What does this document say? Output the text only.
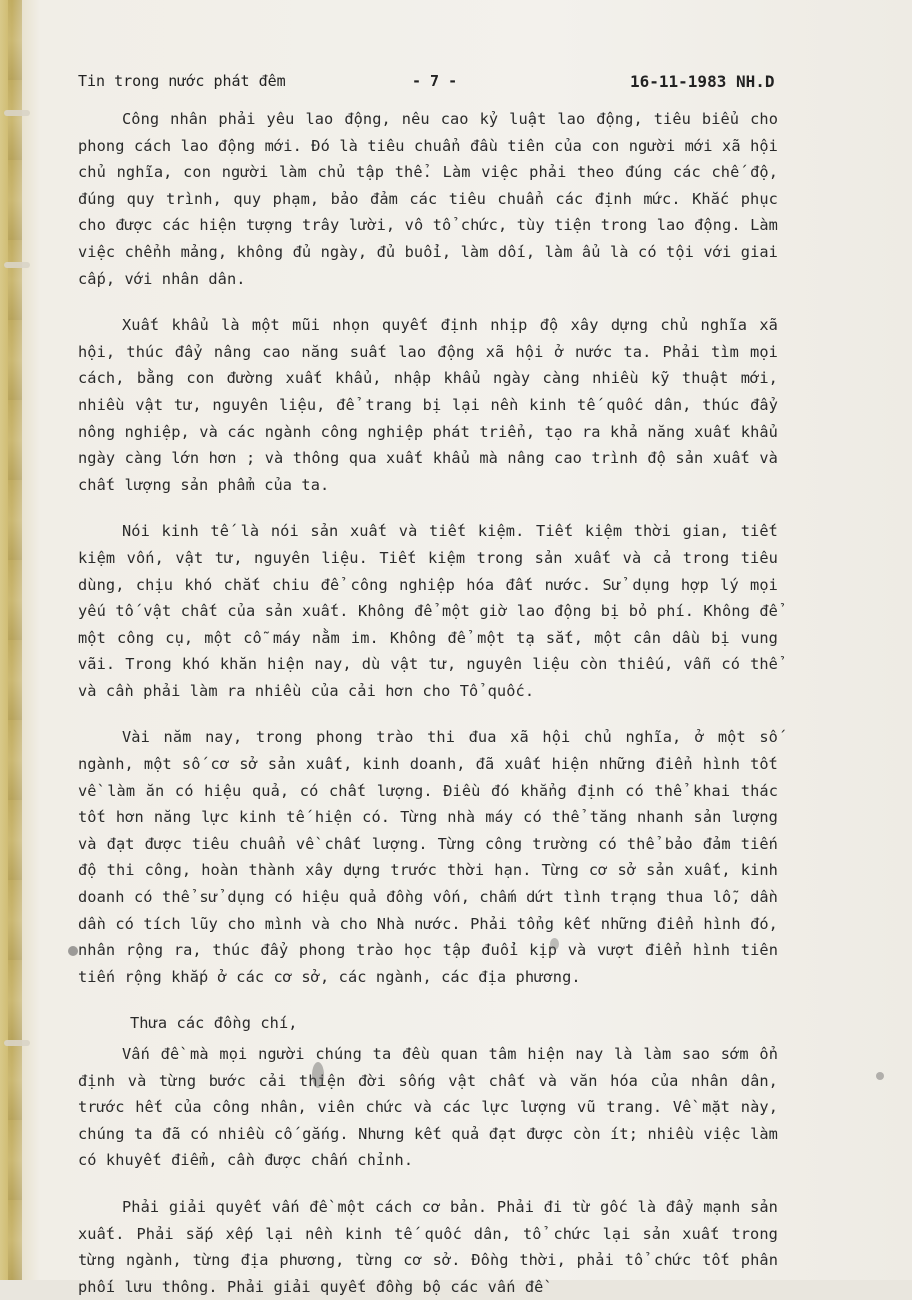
Tin trong nước phát đêm	- 7 -	16-11-1983 NH.D

Công nhân phải yêu lao động, nêu cao kỷ luật lao động, tiêu biểu cho phong cách lao động mới. Đó là tiêu chuẩn đầu tiên của con người mới xã hội chủ nghĩa, con người làm chủ tập thể. Làm việc phải theo đúng các chế độ, đúng quy trình, quy phạm, bảo đảm các tiêu chuẩn các định mức. Khắc phục cho được các hiện tượng trây lười, vô tổ chức, tùy tiện trong lao động. Làm việc chểnh mảng, không đủ ngày, đủ buổi, làm dối, làm ẩu là có tội với giai cấp, với nhân dân.

Xuất khẩu là một mũi nhọn quyết định nhịp độ xây dựng chủ nghĩa xã hội, thúc đẩy nâng cao năng suất lao động xã hội ở nước ta. Phải tìm mọi cách, bằng con đường xuất khẩu, nhập khẩu ngày càng nhiều kỹ thuật mới, nhiều vật tư, nguyên liệu, để trang bị lại nền kinh tế quốc dân, thúc đẩy nông nghiệp, và các ngành công nghiệp phát triển, tạo ra khả năng xuất khẩu ngày càng lớn hơn ; và thông qua xuất khẩu mà nâng cao trình độ sản xuất và chất lượng sản phẩm của ta.

Nói kinh tế là nói sản xuất và tiết kiệm. Tiết kiệm thời gian, tiết kiệm vốn, vật tư, nguyên liệu. Tiết kiệm trong sản xuất và cả trong tiêu dùng, chịu khó chắt chiu để công nghiệp hóa đất nước. Sử dụng hợp lý mọi yếu tố vật chất của sản xuất. Không để một giờ lao động bị bỏ phí. Không để một công cụ, một cỗ máy nằm im. Không để một tạ sắt, một cân dầu bị vung vãi. Trong khó khăn hiện nay, dù vật tư, nguyên liệu còn thiếu, vẫn có thể và cần phải làm ra nhiều của cải hơn cho Tổ quốc.

Vài năm nay, trong phong trào thi đua xã hội chủ nghĩa, ở một số ngành, một số cơ sở sản xuất, kinh doanh, đã xuất hiện những điển hình tốt về làm ăn có hiệu quả, có chất lượng. Điều đó khẳng định có thể khai thác tốt hơn năng lực kinh tế hiện có. Từng nhà máy có thể tăng nhanh sản lượng và đạt được tiêu chuẩn về chất lượng. Từng công trường có thể bảo đảm tiến độ thi công, hoàn thành xây dựng trước thời hạn. Từng cơ sở sản xuất, kinh doanh có thể sử dụng có hiệu quả đồng vốn, chấm dứt tình trạng thua lỗ, dần dần có tích lũy cho mình và cho Nhà nước. Phải tổng kết những điển hình đó, nhân rộng ra, thúc đẩy phong trào học tập đuổi kịp và vượt điển hình tiên tiến rộng khắp ở các cơ sở, các ngành, các địa phương.

Thưa các đồng chí,

Vấn đề mà mọi người chúng ta đều quan tâm hiện nay là làm sao sớm ổn định và từng bước cải thiện đời sống vật chất và văn hóa của nhân dân, trước hết của công nhân, viên chức và các lực lượng vũ trang. Về mặt này, chúng ta đã có nhiều cố gắng. Nhưng kết quả đạt được còn ít; nhiều việc làm có khuyết điểm, cần được chấn chỉnh.

Phải giải quyết vấn đề một cách cơ bản. Phải đi từ gốc là đẩy mạnh sản xuất. Phải sắp xếp lại nền kinh tế quốc dân, tổ chức lại sản xuất trong từng ngành, từng địa phương, từng cơ sở. Đồng thời, phải tổ chức tốt phân phối lưu thông. Phải giải quyết đồng bộ các vấn đề
